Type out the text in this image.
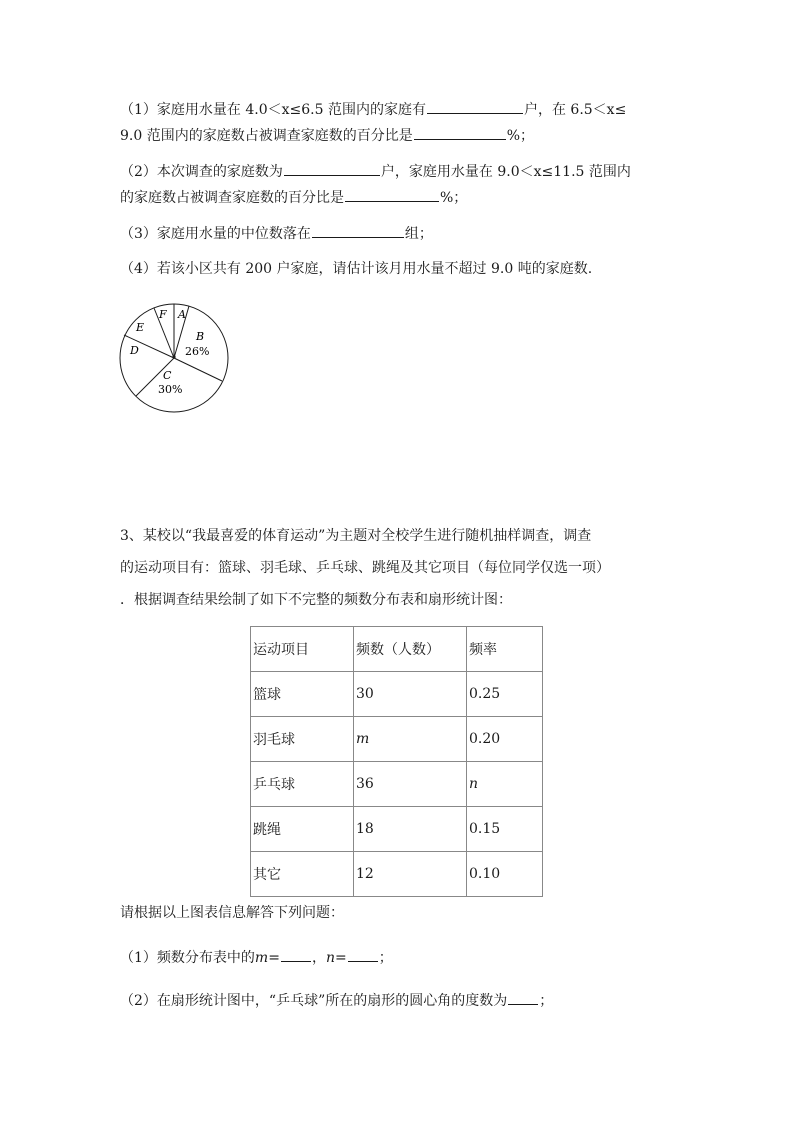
（1）家庭用水量在 4.0＜x≤6.5 范围内的家庭有	户，在 6.5＜x≤
9.0 范围内的家庭数占被调查家庭数的百分比是	%；
（2）本次调查的家庭数为	户，家庭用水量在 9.0＜x≤11.5 范围内
的家庭数占被调查家庭数的百分比是	%；
（3）家庭用水量的中位数落在	组；
（4）若该小区共有 200 户家庭，请估计该月用水量不超过 9.0 吨的家庭数.
A
B
26%
C
30%
D
E
F
3、某校以“我最喜爱的体育运动”为主题对全校学生进行随机抽样调查，调查
的运动项目有：篮球、羽毛球、乒乓球、跳绳及其它项目（每位同学仅选一项）
．根据调查结果绘制了如下不完整的频数分布表和扇形统计图：
运动项目	频数（人数）	频率
篮球	30	0.25
羽毛球	m	0.20
乒乓球	36	n
跳绳	18	0.15
其它	12	0.10
请根据以上图表信息解答下列问题：
（1）频数分布表中的m= ，n= ；
（2）在扇形统计图中，“乒乓球”所在的扇形的圆心角的度数为 ；
